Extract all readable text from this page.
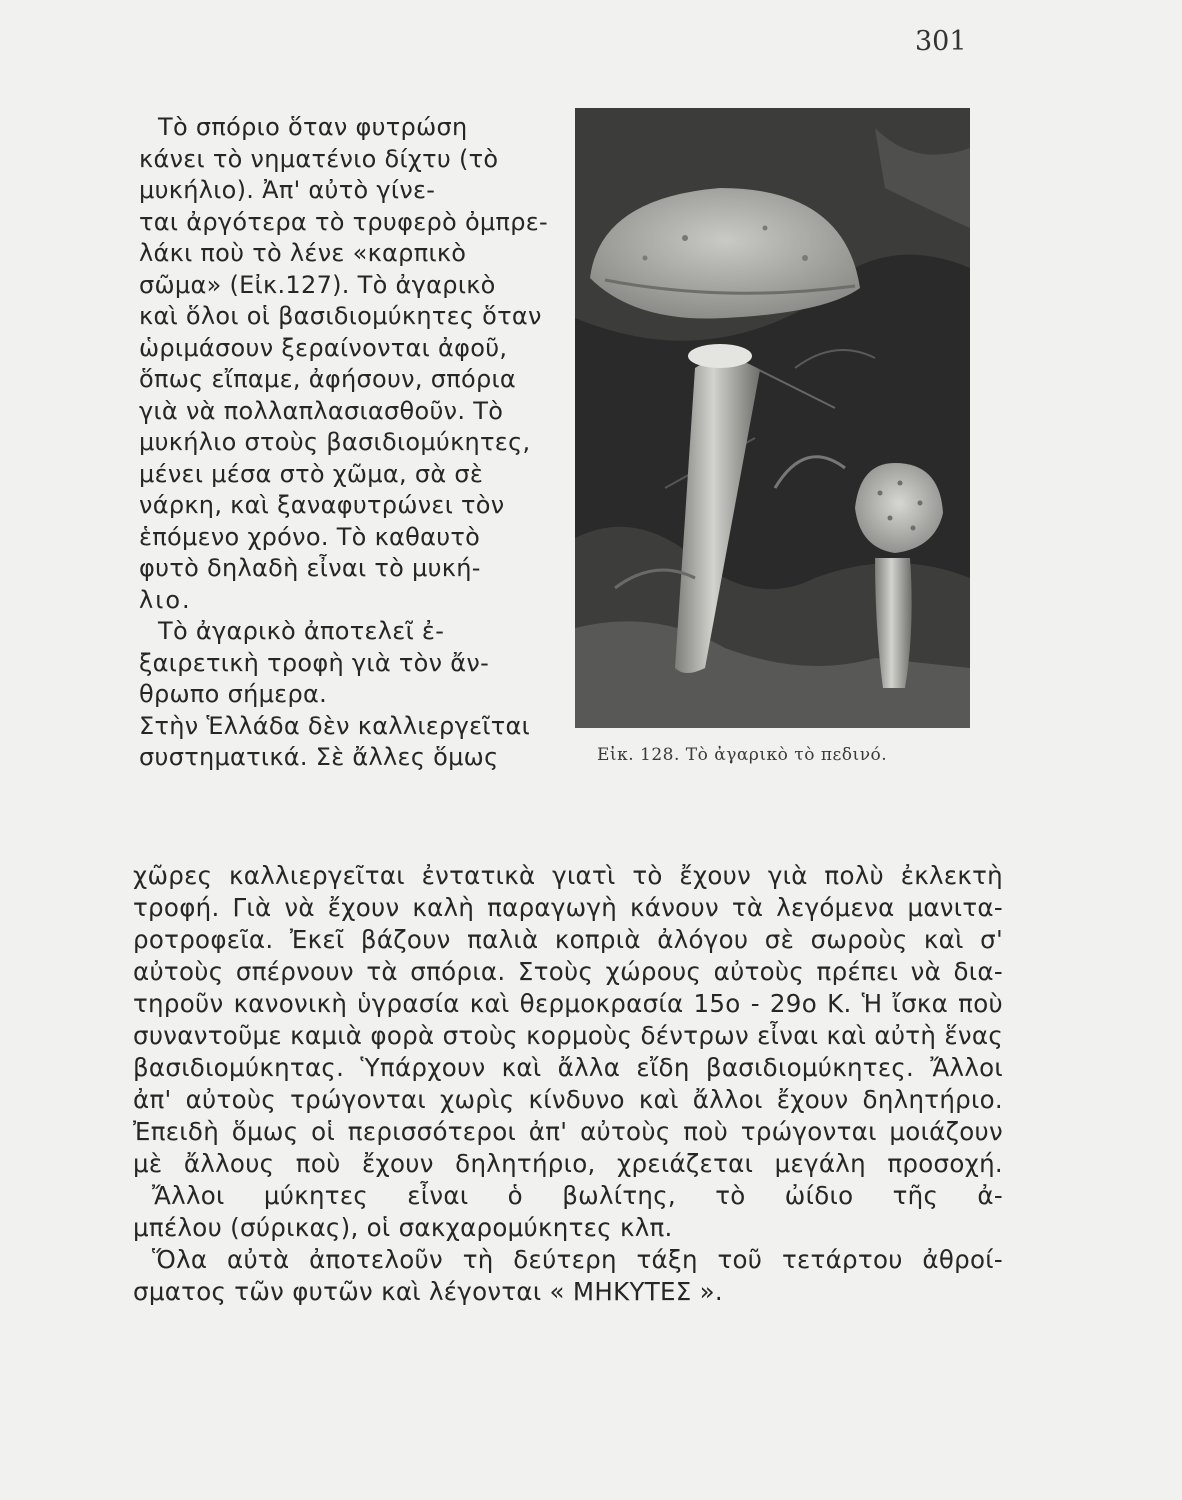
301
Τὸ σπόριο ὅταν φυτρώση
κάνει τὸ νηματένιο δίχτυ (τὸ
μυκήλιο). Ἀπ' αὐτὸ γίνε-
ται ἀργότερα τὸ τρυφερὸ ὀμπρε-
λάκι ποὺ τὸ λένε «καρπικὸ
σῶμα» (Εἰκ.127). Τὸ ἀγαρικὸ
καὶ ὅλοι οἱ βασιδιομύκητες ὅταν
ὡριμάσουν ξεραίνονται ἀφοῦ,
ὅπως εἴπαμε, ἀφήσουν, σπόρια
γιὰ νὰ πολλαπλασιασθοῦν. Τὸ
μυκήλιο στοὺς βασιδιομύκητες,
μένει μέσα στὸ χῶμα, σὰ σὲ
νάρκη, καὶ ξαναφυτρώνει τὸν
ἑπόμενο χρόνο. Τὸ καθαυτὸ
φυτὸ δηλαδὴ εἶναι τὸ μυκή-
λιο.
Τὸ ἀγαρικὸ ἀποτελεῖ ἐ-
ξαιρετικὴ τροφὴ γιὰ τὸν ἄν-
θρωπο σήμερα.
Στὴν Ἑλλάδα δὲν καλλιεργεῖται
συστηματικά. Σὲ ἄλλες ὅμως	Εἰκ. 128. Τὸ ἀγαρικὸ τὸ πεδινό.
χῶρες καλλιεργεῖται ἐντατικὰ γιατὶ τὸ ἔχουν γιὰ πολὺ ἐκλεκτὴ
τροφή. Γιὰ νὰ ἔχουν καλὴ παραγωγὴ κάνουν τὰ λεγόμενα μανιτα-
ροτροφεῖα. Ἐκεῖ βάζουν παλιὰ κοπριὰ ἀλόγου σὲ σωροὺς καὶ σ'
αὐτοὺς σπέρνουν τὰ σπόρια. Στοὺς χώρους αὐτοὺς πρέπει νὰ δια-
τηροῦν κανονικὴ ὑγρασία καὶ θερμοκρασία 15ο - 29ο Κ. Ἡ ἴσκα ποὺ
συναντοῦμε καμιὰ φορὰ στοὺς κορμοὺς δέντρων εἶναι καὶ αὐτὴ ἕνας
βασιδιομύκητας. Ὑπάρχουν καὶ ἄλλα εἴδη βασιδιομύκητες. Ἄλλοι
ἀπ' αὐτοὺς τρώγονται χωρὶς κίνδυνο καὶ ἄλλοι ἔχουν δηλητήριο.
Ἐπειδὴ ὅμως οἱ περισσότεροι ἀπ' αὐτοὺς ποὺ τρώγονται μοιάζουν
μὲ ἄλλους ποὺ ἔχουν δηλητήριο, χρειάζεται μεγάλη προσοχή.
Ἄλλοι μύκητες εἶναι ὁ βωλίτης, τὸ ὠίδιο τῆς ἀ-
μπέλου (σύρικας), οἱ σακχαρομύκητες κλπ.
Ὅλα αὐτὰ ἀποτελοῦν τὴ δεύτερη τάξη τοῦ τετάρτου ἀθροί-
σματος τῶν φυτῶν καὶ λέγονται « ΜΗΚΥΤΕΣ ».
